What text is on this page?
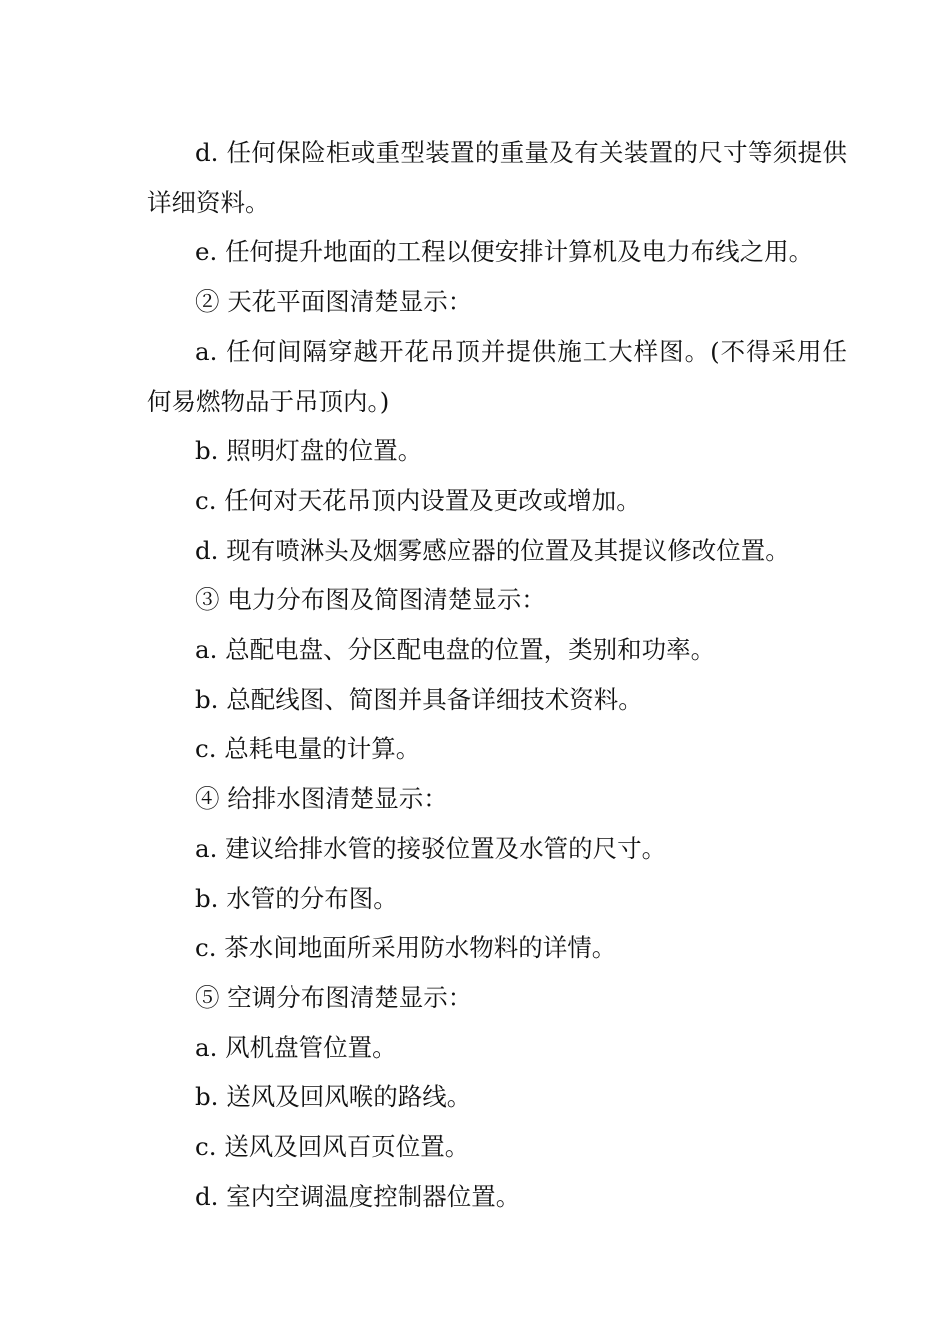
d. 任何保险柜或重型装置的重量及有关装置的尺寸等须提供详细资料。

e. 任何提升地面的工程以便安排计算机及电力布线之用。

② 天花平面图清楚显示：

a. 任何间隔穿越开花吊顶并提供施工大样图。(不得采用任何易燃物品于吊顶内。)

b. 照明灯盘的位置。

c. 任何对天花吊顶内设置及更改或增加。

d. 现有喷淋头及烟雾感应器的位置及其提议修改位置。

③ 电力分布图及简图清楚显示：

a. 总配电盘、分区配电盘的位置，类别和功率。

b. 总配线图、简图并具备详细技术资料。

c. 总耗电量的计算。

④ 给排水图清楚显示：

a. 建议给排水管的接驳位置及水管的尺寸。

b. 水管的分布图。

c. 茶水间地面所采用防水物料的详情。

⑤ 空调分布图清楚显示：

a. 风机盘管位置。

b. 送风及回风喉的路线。

c. 送风及回风百页位置。

d. 室内空调温度控制器位置。
